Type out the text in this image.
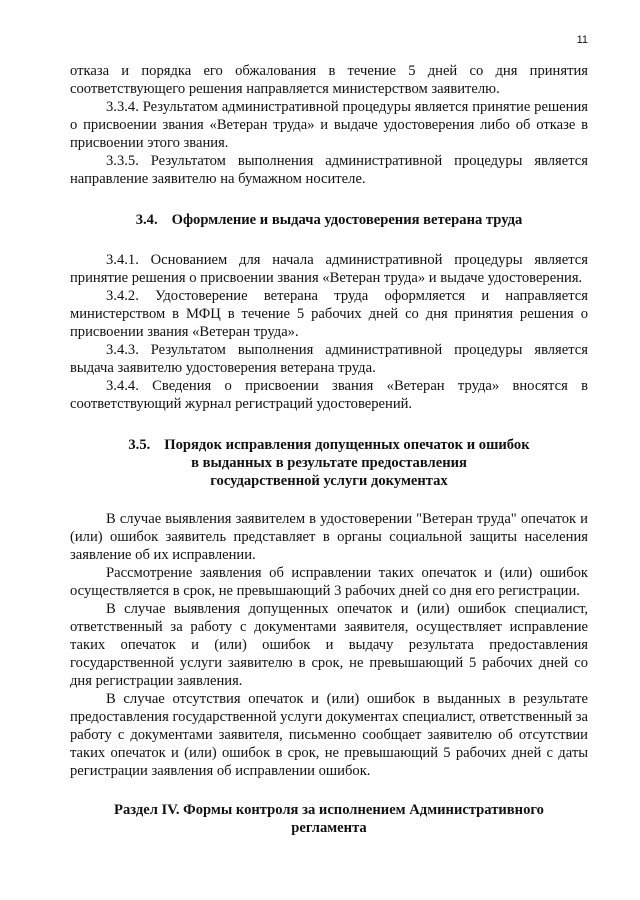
11

отказа и порядка его обжалования в течение 5 дней со дня принятия соответствующего решения направляется министерством заявителю.

3.3.4. Результатом административной процедуры является принятие решения о присвоении звания «Ветеран труда» и выдаче удостоверения либо об отказе в присвоении этого звания.

3.3.5. Результатом выполнения административной процедуры является направление заявителю на бумажном носителе.

3.4. Оформление и выдача удостоверения ветерана труда

3.4.1. Основанием для начала административной процедуры является принятие решения о присвоении звания «Ветеран труда» и выдаче удостоверения.

3.4.2. Удостоверение ветерана труда оформляется и направляется министерством в МФЦ в течение 5 рабочих дней со дня принятия решения о присвоении звания «Ветеран труда».

3.4.3. Результатом выполнения административной процедуры является выдача заявителю удостоверения ветерана труда.

3.4.4. Сведения о присвоении звания «Ветеран труда» вносятся в соответствующий журнал регистраций удостоверений.

3.5. Порядок исправления допущенных опечаток и ошибок
в выданных в результате предоставления
государственной услуги документах

В случае выявления заявителем в удостоверении "Ветеран труда" опечаток и (или) ошибок заявитель представляет в органы социальной защиты населения заявление об их исправлении.

Рассмотрение заявления об исправлении таких опечаток и (или) ошибок осуществляется в срок, не превышающий 3 рабочих дней со дня его регистрации.

В случае выявления допущенных опечаток и (или) ошибок специалист, ответственный за работу с документами заявителя, осуществляет исправление таких опечаток и (или) ошибок и выдачу результата предоставления государственной услуги заявителю в срок, не превышающий 5 рабочих дней со дня регистрации заявления.

В случае отсутствия опечаток и (или) ошибок в выданных в результате предоставления государственной услуги документах специалист, ответственный за работу с документами заявителя, письменно сообщает заявителю об отсутствии таких опечаток и (или) ошибок в срок, не превышающий 5 рабочих дней с даты регистрации заявления об исправлении ошибок.

Раздел IV. Формы контроля за исполнением Административного
регламента
